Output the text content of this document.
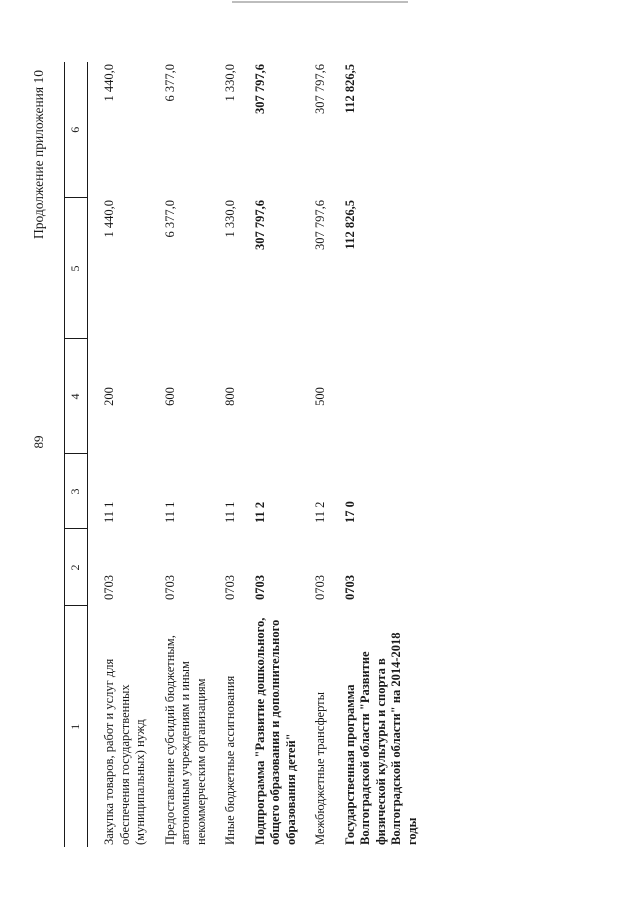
89
Продолжение приложения 10
1	2	3	4	5	6
Закупка товаров, работ и услуг для обеспечения государственных (муниципальных) нужд	0703	11 1	200	1 440,0	1 440,0
Предоставление субсидий бюджетным, автономным учреждениям и иным некоммерческим организациям	0703	11 1	600	6 377,0	6 377,0
Иные бюджетные ассигнования	0703	11 1	800	1 330,0	1 330,0
Подпрограмма "Развитие дошкольного, общего образования и дополнительного образования детей"	0703	11 2		307 797,6	307 797,6
Межбюджетные трансферты	0703	11 2	500	307 797,6	307 797,6
Государственная программа Волгоградской области "Развитие физической культуры и спорта в Волгоградской области" на 2014-2018 годы	0703	17 0		112 826,5	112 826,5
